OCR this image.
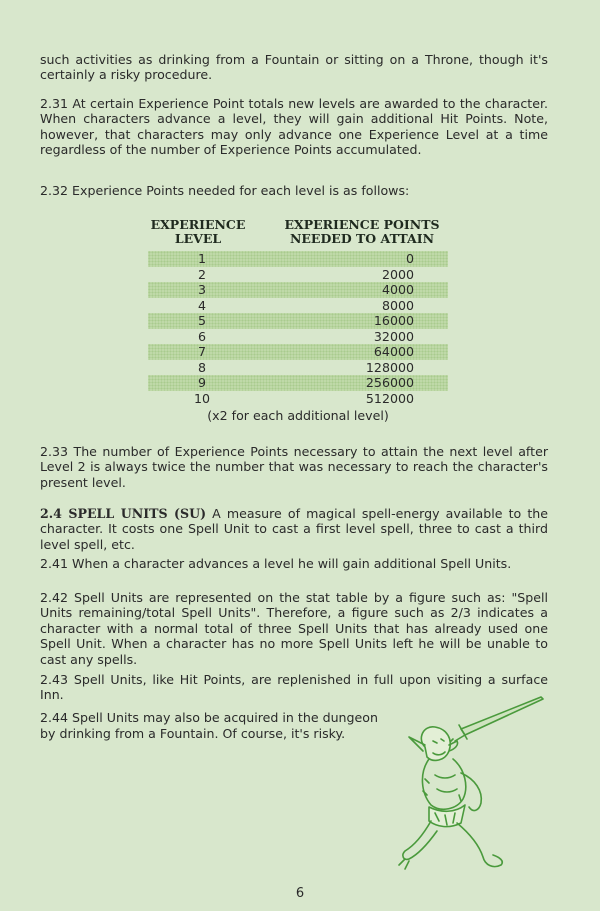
such activities as drinking from a Fountain or sitting on a Throne, though it's certainly a risky procedure.

2.31 At certain Experience Point totals new levels are awarded to the character. When characters advance a level, they will gain additional Hit Points. Note, however, that characters may only advance one Experience Level at a time regardless of the number of Experience Points accumulated.

2.32 Experience Points needed for each level is as follows:

EXPERIENCE
LEVEL
EXPERIENCE POINTS
NEEDED TO ATTAIN
1	0
2	2000
3	4000
4	8000
5	16000
6	32000
7	64000
8	128000
9	256000
10	512000
(x2 for each additional level)

2.33 The number of Experience Points necessary to attain the next level after Level 2 is always twice the number that was necessary to reach the character's present level.

2.4 SPELL UNITS (SU) A measure of magical spell-energy available to the character. It costs one Spell Unit to cast a first level spell, three to cast a third level spell, etc.

2.41 When a character advances a level he will gain additional Spell Units.

2.42 Spell Units are represented on the stat table by a figure such as: "Spell Units remaining/total Spell Units". Therefore, a figure such as 2/3 indicates a character with a normal total of three Spell Units that has already used one Spell Unit. When a character has no more Spell Units left he will be unable to cast any spells.

2.43 Spell Units, like Hit Points, are replenished in full upon visiting a surface Inn.

2.44 Spell Units may also be acquired in the dungeon

by drinking from a Fountain. Of course, it's risky.

6
